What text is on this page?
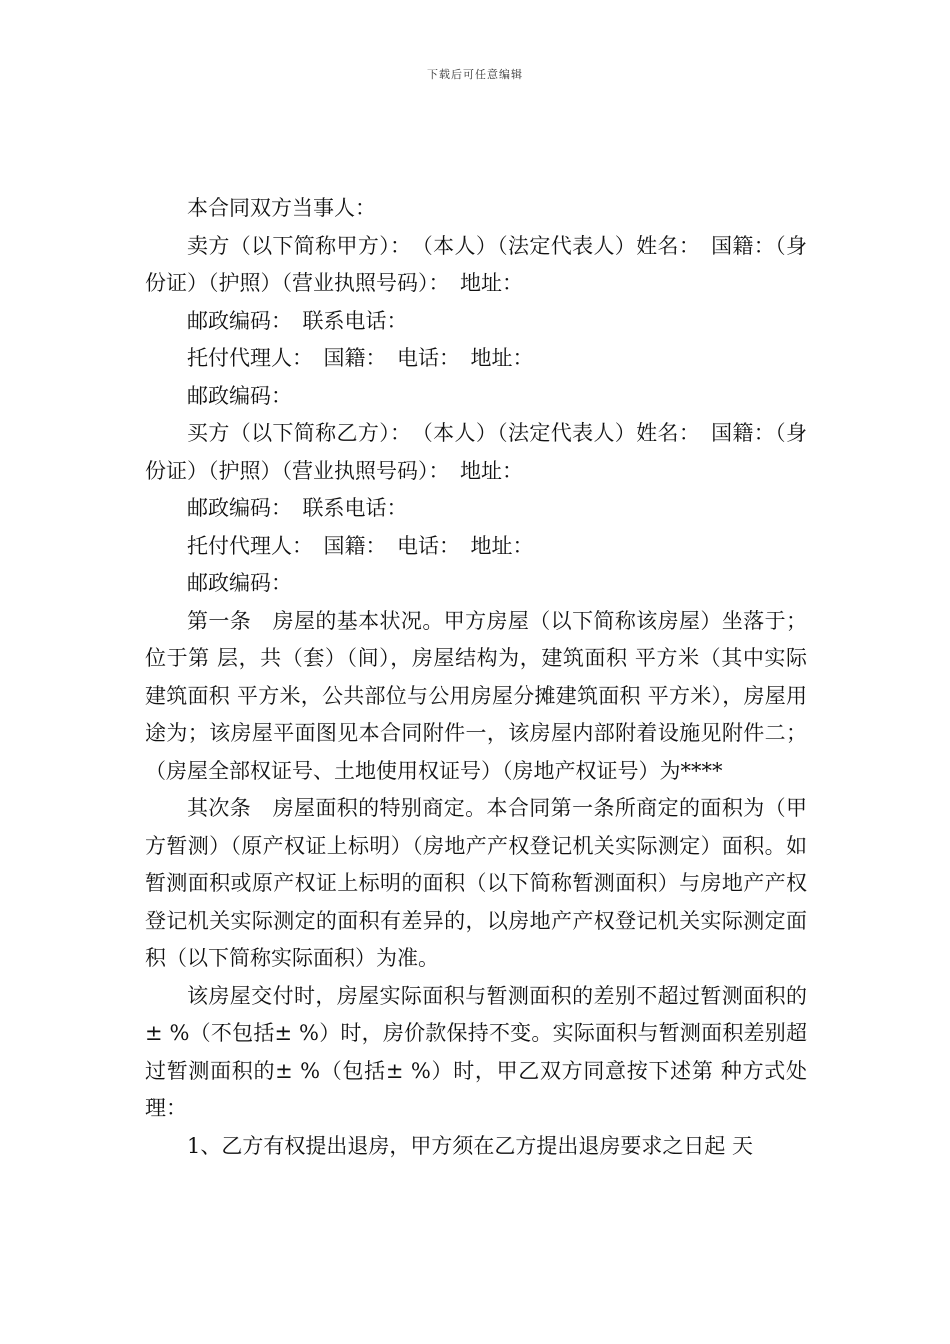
下载后可任意编辑

本合同双方当事人：

卖方（以下简称甲方）：　（本人）（法定代表人）姓名：　国籍：（身份证）（护照）（营业执照号码）：　地址：

邮政编码：　联系电话：

托付代理人：　国籍：　电话：　地址：

邮政编码：

买方（以下简称乙方）：　（本人）（法定代表人）姓名：　国籍：（身份证）（护照）（营业执照号码）：　地址：

邮政编码：　联系电话：

托付代理人：　国籍：　电话：　地址：

邮政编码：

第一条　房屋的基本状况。甲方房屋（以下简称该房屋）坐落于；位于第 层，共（套）（间），房屋结构为，建筑面积 平方米（其中实际建筑面积 平方米，公共部位与公用房屋分摊建筑面积 平方米），房屋用途为；该房屋平面图见本合同附件一，该房屋内部附着设施见附件二；（房屋全部权证号、土地使用权证号）（房地产权证号）为****

其次条　房屋面积的特别商定。本合同第一条所商定的面积为（甲方暂测）（原产权证上标明）（房地产产权登记机关实际测定）面积。如暂测面积或原产权证上标明的面积（以下简称暂测面积）与房地产产权登记机关实际测定的面积有差异的，以房地产产权登记机关实际测定面积（以下简称实际面积）为准。

该房屋交付时，房屋实际面积与暂测面积的差别不超过暂测面积的± %（不包括± %）时，房价款保持不变。实际面积与暂测面积差别超过暂测面积的± %（包括± %）时，甲乙双方同意按下述第 种方式处理：

1、乙方有权提出退房，甲方须在乙方提出退房要求之日起 天
